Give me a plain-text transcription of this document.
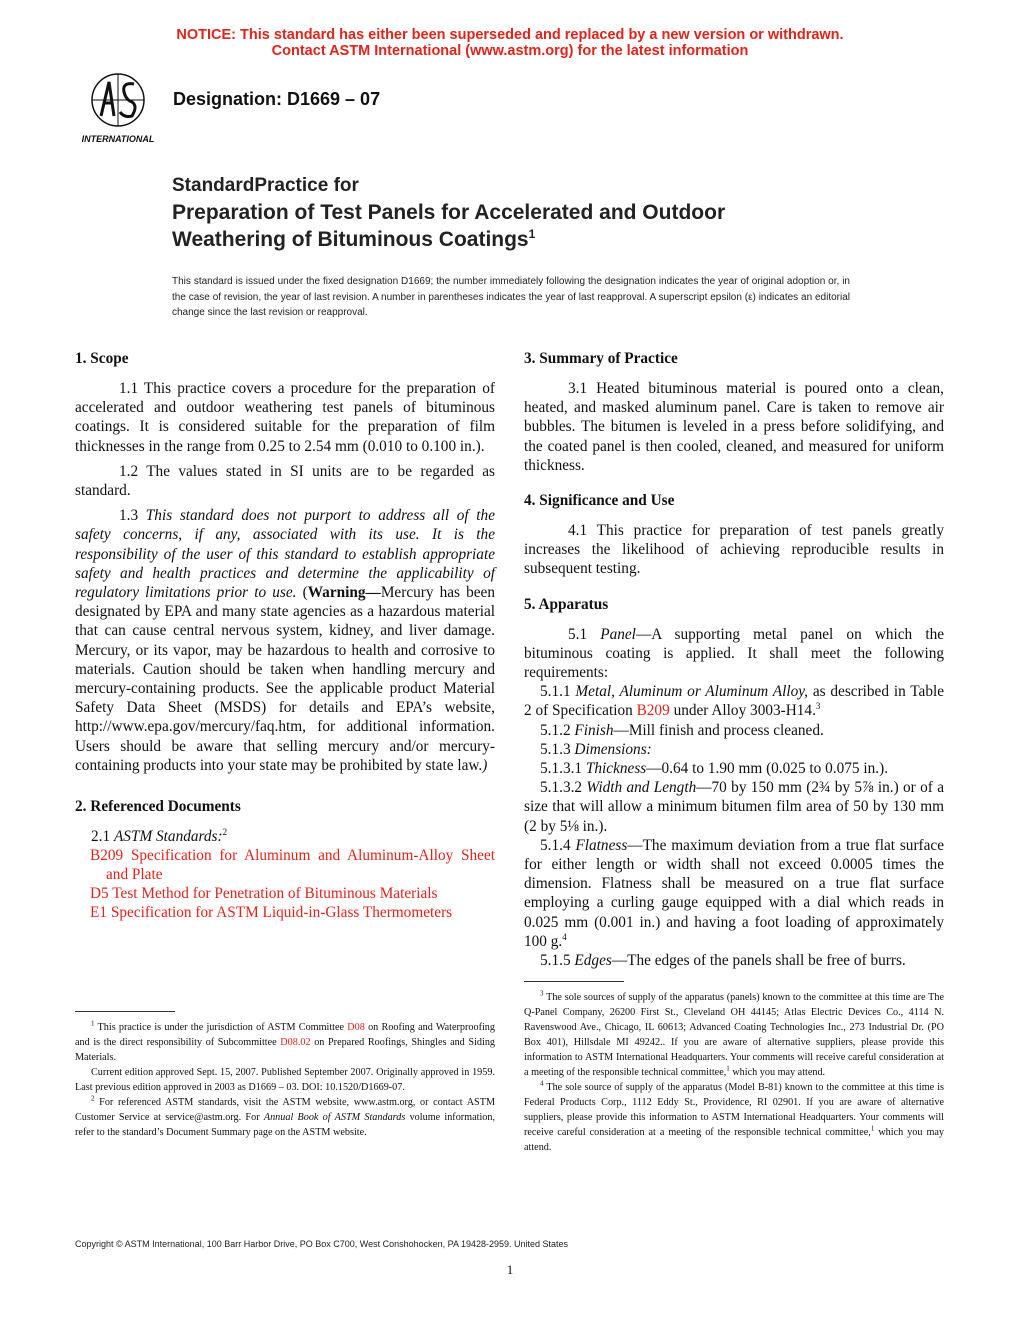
NOTICE: This standard has either been superseded and replaced by a new version or withdrawn.
Contact ASTM International (www.astm.org) for the latest information
INTERNATIONAL
Designation: D1669 – 07
StandardPractice for
Preparation of Test Panels for Accelerated and Outdoor
Weathering of Bituminous Coatings$^1$
This standard is issued under the fixed designation D1669; the number immediately following the designation indicates the year of original adoption or, in the case of revision, the year of last revision. A number in parentheses indicates the year of last reapproval. A superscript epsilon (ε) indicates an editorial change since the last revision or reapproval.
1. Scope

1.1 This practice covers a procedure for the preparation of accelerated and outdoor weathering test panels of bituminous coatings. It is considered suitable for the preparation of film thicknesses in the range from 0.25 to 2.54 mm (0.010 to 0.100 in.).

1.2 The values stated in SI units are to be regarded as standard.

1.3 This standard does not purport to address all of the safety concerns, if any, associated with its use. It is the responsibility of the user of this standard to establish appropriate safety and health practices and determine the applicability of regulatory limitations prior to use. (Warning—Mercury has been designated by EPA and many state agencies as a hazardous material that can cause central nervous system, kidney, and liver damage. Mercury, or its vapor, may be hazardous to health and corrosive to materials. Caution should be taken when handling mercury and mercury-containing products. See the applicable product Material Safety Data Sheet (MSDS) for details and EPA’s website, http://www.epa.gov/mercury/faq.htm, for additional information. Users should be aware that selling mercury and/or mercury-containing products into your state may be prohibited by state law.)

2. Referenced Documents

2.1 ASTM Standards:$^2$

B209 Specification for Aluminum and Aluminum-Alloy Sheet and Plate
D5 Test Method for Penetration of Bituminous Materials
E1 Specification for ASTM Liquid-in-Glass Thermometers
3. Summary of Practice

3.1 Heated bituminous material is poured onto a clean, heated, and masked aluminum panel. Care is taken to remove air bubbles. The bitumen is leveled in a press before solidifying, and the coated panel is then cooled, cleaned, and measured for uniform thickness.

4. Significance and Use

4.1 This practice for preparation of test panels greatly increases the likelihood of achieving reproducible results in subsequent testing.

5. Apparatus

5.1 Panel—A supporting metal panel on which the bituminous coating is applied. It shall meet the following requirements:

5.1.1 Metal, Aluminum or Aluminum Alloy, as described in Table 2 of Specification B209 under Alloy 3003-H14.$^3$

5.1.2 Finish—Mill finish and process cleaned.

5.1.3 Dimensions:

5.1.3.1 Thickness—0.64 to 1.90 mm (0.025 to 0.075 in.).

5.1.3.2 Width and Length—70 by 150 mm (2¾ by 5⅞ in.) or of a size that will allow a minimum bitumen film area of 50 by 130 mm (2 by 5⅛ in.).

5.1.4 Flatness—The maximum deviation from a true flat surface for either length or width shall not exceed 0.0005 times the dimension. Flatness shall be measured on a true flat surface employing a curling gauge equipped with a dial which reads in 0.025 mm (0.001 in.) and having a foot loading of approximately 100 g.$^4$

5.1.5 Edges—The edges of the panels shall be free of burrs.

$^1$ This practice is under the jurisdiction of ASTM Committee D08 on Roofing and Waterproofing and is the direct responsibility of Subcommittee D08.02 on Prepared Roofings, Shingles and Siding Materials.

Current edition approved Sept. 15, 2007. Published September 2007. Originally approved in 1959. Last previous edition approved in 2003 as D1669 – 03. DOI: 10.1520/D1669-07.

$^2$ For referenced ASTM standards, visit the ASTM website, www.astm.org, or contact ASTM Customer Service at service@astm.org. For Annual Book of ASTM Standards volume information, refer to the standard’s Document Summary page on the ASTM website.

$^3$ The sole sources of supply of the apparatus (panels) known to the committee at this time are The Q-Panel Company, 26200 First St., Cleveland OH 44145; Atlas Electric Devices Co., 4114 N. Ravenswood Ave., Chicago, IL 60613; Advanced Coating Technologies Inc., 273 Industrial Dr. (PO Box 401), Hillsdale MI 49242.. If you are aware of alternative suppliers, please provide this information to ASTM International Headquarters. Your comments will receive careful consideration at a meeting of the responsible technical committee,$^1$ which you may attend.

$^4$ The sole source of supply of the apparatus (Model B-81) known to the committee at this time is Federal Products Corp., 1112 Eddy St., Providence, RI 02901. If you are aware of alternative suppliers, please provide this information to ASTM International Headquarters. Your comments will receive careful consideration at a meeting of the responsible technical committee,$^1$ which you may attend.

Copyright © ASTM International, 100 Barr Harbor Drive, PO Box C700, West Conshohocken, PA 19428-2959. United States
1
